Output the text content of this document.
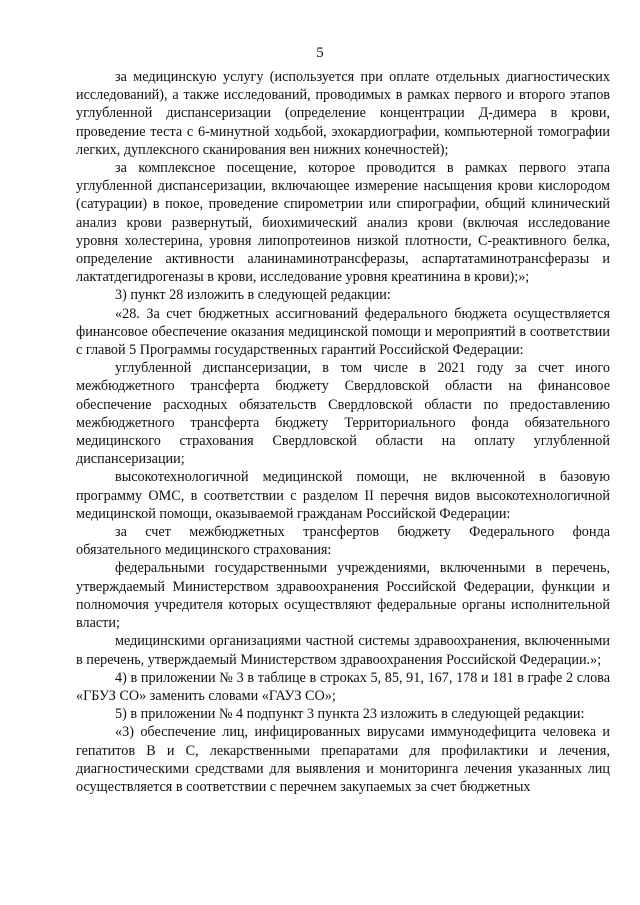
5

за медицинскую услугу (используется при оплате отдельных диагностических исследований), а также исследований, проводимых в рамках первого и второго этапов углубленной диспансеризации (определение концентрации Д-димера в крови, проведение теста с 6-минутной ходьбой, эхокардиографии, компьютерной томографии легких, дуплексного сканирования вен нижних конечностей);

за комплексное посещение, которое проводится в рамках первого этапа углубленной диспансеризации, включающее измерение насыщения крови кислородом (сатурации) в покое, проведение спирометрии или спирографии, общий клинический анализ крови развернутый, биохимический анализ крови (включая исследование уровня холестерина, уровня липопротеинов низкой плотности, С-реактивного белка, определение активности аланинаминотрансферазы, аспартатаминотрансферазы и лактатдегидрогеназы в крови, исследование уровня креатинина в крови);»;

3) пункт 28 изложить в следующей редакции:

«28. За счет бюджетных ассигнований федерального бюджета осуществляется финансовое обеспечение оказания медицинской помощи и мероприятий в соответствии с главой 5 Программы государственных гарантий Российской Федерации:

углубленной диспансеризации, в том числе в 2021 году за счет иного межбюджетного трансферта бюджету Свердловской области на финансовое обеспечение расходных обязательств Свердловской области по предоставлению межбюджетного трансферта бюджету Территориального фонда обязательного медицинского страхования Свердловской области на оплату углубленной диспансеризации;

высокотехнологичной медицинской помощи, не включенной в базовую программу ОМС, в соответствии с разделом II перечня видов высокотехнологичной медицинской помощи, оказываемой гражданам Российской Федерации:

за счет межбюджетных трансфертов бюджету Федерального фонда обязательного медицинского страхования:

федеральными государственными учреждениями, включенными в перечень, утверждаемый Министерством здравоохранения Российской Федерации, функции и полномочия учредителя которых осуществляют федеральные органы исполнительной власти;

медицинскими организациями частной системы здравоохранения, включенными в перечень, утверждаемый Министерством здравоохранения Российской Федерации.»;

4) в приложении № 3 в таблице в строках 5, 85, 91, 167, 178 и 181 в графе 2 слова «ГБУЗ СО» заменить словами «ГАУЗ СО»;

5) в приложении № 4 подпункт 3 пункта 23 изложить в следующей редакции:

«3) обеспечение лиц, инфицированных вирусами иммунодефицита человека и гепатитов В и С, лекарственными препаратами для профилактики и лечения, диагностическими средствами для выявления и мониторинга лечения указанных лиц осуществляется в соответствии с перечнем закупаемых за счет бюджетных
